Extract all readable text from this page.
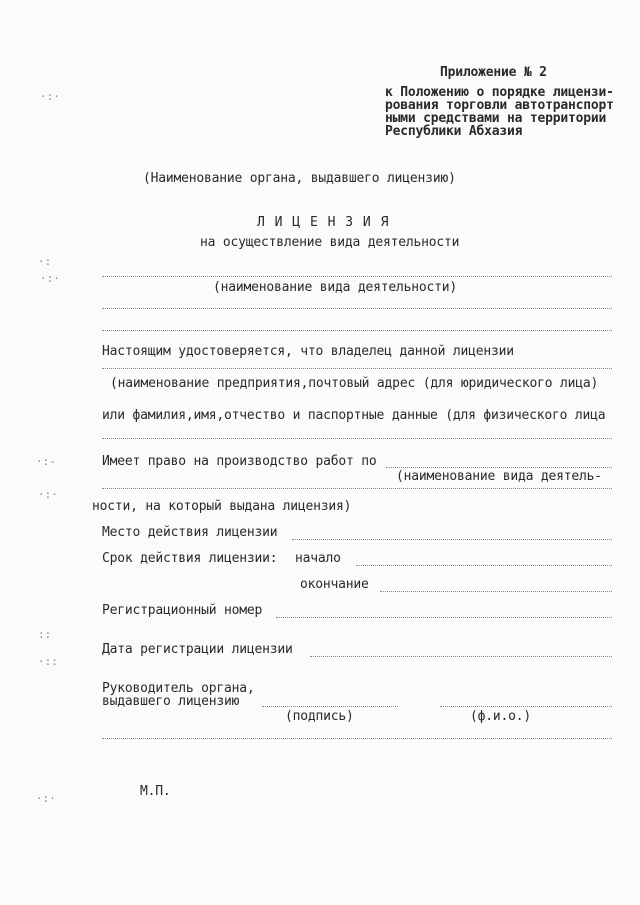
·:·
·:
·:·
·:-
·:·
::
·::
·:·
Приложение № 2
к Положению о порядке лицензи-
рования торговли автотранспорт
ными средствами на территории
Республики Абхазия
(Наименование органа, выдавшего лицензию)
Л И Ц Е Н З И Я
на осуществление вида деятельности
(наименование вида деятельности)
Настоящим удостоверяется, что владелец данной лицензии
(наименование предприятия,почтовый адрес (для юридического лица)
или фамилия,имя,отчество и паспортные данные (для физического лица
Имеет право на производство работ по
(наименование вида деятель-
ности, на который выдана лицензия)
Место действия лицензии
Срок действия лицензии: начало
окончание
Регистрационный номер
Дата регистрации лицензии
Руководитель органа,
выдавшего лицензию
(подпись)	(ф.и.о.)
М.П.
